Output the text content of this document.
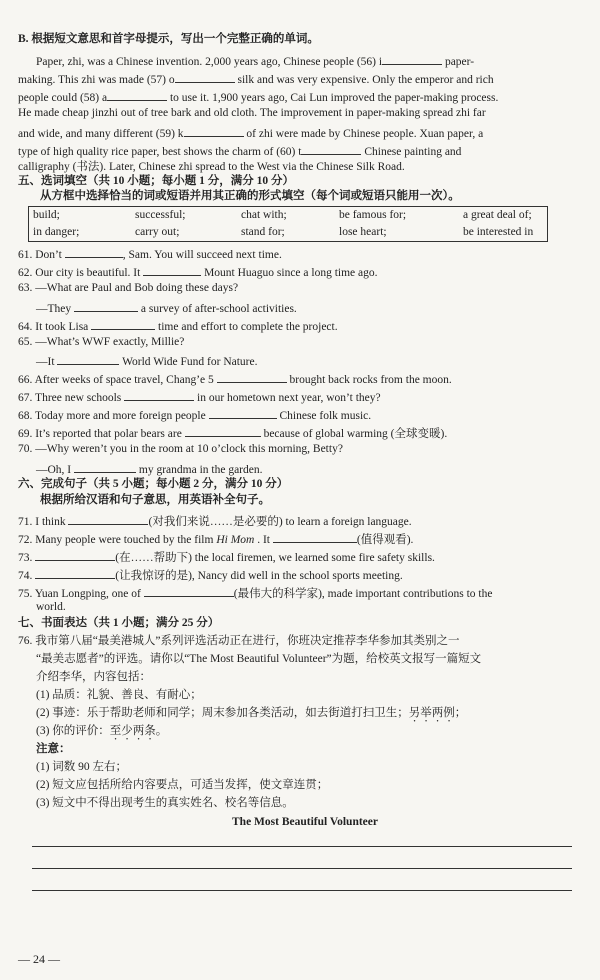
B. 根据短文意思和首字母提示，写出一个完整正确的单词。
Paper, zhi, was a Chinese invention. 2,000 years ago, Chinese people (56) i	paper-
making. This zhi was made (57) o	silk and was very expensive. Only the emperor and rich
people could (58) a	to use it. 1,900 years ago, Cai Lun improved the paper-making process.
He made cheap jinzhi out of tree bark and old cloth. The improvement in paper-making spread zhi far
and wide, and many different (59) k	of zhi were made by Chinese people. Xuan paper, a
type of high quality rice paper, best shows the charm of (60) t	Chinese painting and
calligraphy (书法). Later, Chinese zhi spread to the West via the Chinese Silk Road.
五、选词填空（共 10 小题；每小题 1 分，满分 10 分）
从方框中选择恰当的词或短语并用其正确的形式填空（每个词或短语只能用一次）。
build;	successful;	chat with;	be famous for;	a great deal of;
in danger;	carry out;	stand for;	lose heart;	be interested in
61. Don’t	, Sam. You will succeed next time.
62. Our city is beautiful. It	Mount Huaguo since a long time ago.
63. —What are Paul and Bob doing these days?
—They	a survey of after-school activities.
64. It took Lisa	time and effort to complete the project.
65. —What’s WWF exactly, Millie?
—It	World Wide Fund for Nature.
66. After weeks of space travel, Chang’e 5	brought back rocks from the moon.
67. Three new schools	in our hometown next year, won’t they?
68. Today more and more foreign people	Chinese folk music.
69. It’s reported that polar bears are	because of global warming (全球变暖).
70. —Why weren’t you in the room at 10 o’clock this morning, Betty?
—Oh, I	my grandma in the garden.
六、完成句子（共 5 小题；每小题 2 分，满分 10 分）
根据所给汉语和句子意思，用英语补全句子。
71. I think	(对我们来说……是必要的) to learn a foreign language.
72. Many people were touched by the film Hi Mom . It	(值得观看).
73.	(在……帮助下) the local firemen, we learned some fire safety skills.
74.	(让我惊讶的是), Nancy did well in the school sports meeting.
75. Yuan Longping, one of	(最伟大的科学家), made important contributions to the
world.
七、书面表达（共 1 小题；满分 25 分）
76. 我市第八届“最美港城人”系列评选活动正在进行，你班决定推荐李华参加其类别之一
“最美志愿者”的评选。请你以“The Most Beautiful Volunteer”为题，给校英文报写一篇短文
介绍李华，内容包括：
(1) 品质：礼貌、善良、有耐心；
(2) 事迹：乐于帮助老师和同学；周末参加各类活动，如去街道打扫卫生；另举两例；
(3) 你的评价：至少两条。
注意：
(1) 词数 90 左右；
(2) 短文应包括所给内容要点，可适当发挥，使文章连贯；
(3) 短文中不得出现考生的真实姓名、校名等信息。
The Most Beautiful Volunteer
— 24 —
